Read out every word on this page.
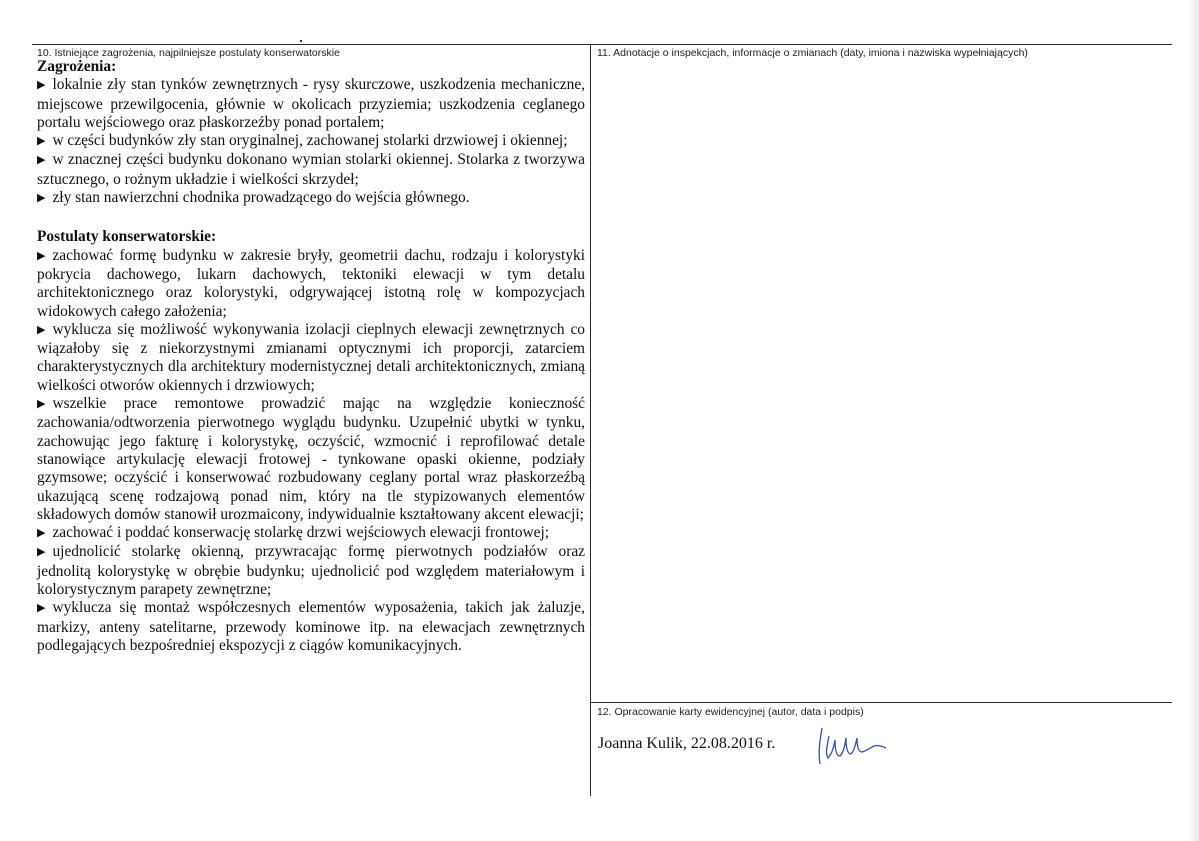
10. Istniejące zagrożenia, najpilniejsze postulaty konserwatorskie	11. Adnotacje o inspekcjach, informacje o zmianach (daty, imiona i nazwiska wypełniających)
12. Opracowanie karty ewidencyjnej (autor, data i podpis)

Zagrożenia:

▶ lokalnie zły stan tynków zewnętrznych - rysy skurczowe, uszkodzenia mechaniczne, miejscowe przewilgocenia, głównie w okolicach przyziemia; uszkodzenia ceglanego portalu wejściowego oraz płaskorzeźby ponad portalem;

▶ w części budynków zły stan oryginalnej, zachowanej stolarki drzwiowej i okiennej;

▶ w znacznej części budynku dokonano wymian stolarki okiennej. Stolarka z tworzywa sztucznego, o rożnym układzie i wielkości skrzydeł;

▶ zły stan nawierzchni chodnika prowadzącego do wejścia głównego.

Postulaty konserwatorskie:

▶ zachować formę budynku w zakresie bryły, geometrii dachu, rodzaju i kolorystyki pokrycia dachowego, lukarn dachowych, tektoniki elewacji w tym detalu architektonicznego oraz kolorystyki, odgrywającej istotną rolę w kompozycjach widokowych całego założenia;

▶ wyklucza się możliwość wykonywania izolacji cieplnych elewacji zewnętrznych co wiązałoby się z niekorzystnymi zmianami optycznymi ich proporcji, zatarciem charakterystycznych dla architektury modernistycznej detali architektonicznych, zmianą wielkości otworów okiennych i drzwiowych;

▶ wszelkie prace remontowe prowadzić mając na względzie konieczność zachowania/odtworzenia pierwotnego wyglądu budynku. Uzupełnić ubytki w tynku, zachowując jego fakturę i kolorystykę, oczyścić, wzmocnić i reprofilować detale stanowiące artykulację elewacji frotowej - tynkowane opaski okienne, podziały gzymsowe; oczyścić i konserwować rozbudowany ceglany portal wraz płaskorzeźbą ukazującą scenę rodzajową ponad nim, który na tle stypizowanych elementów składowych domów stanowił urozmaicony, indywidualnie kształtowany akcent elewacji;

▶ zachować i poddać konserwację stolarkę drzwi wejściowych elewacji frontowej;

▶ ujednolicić stolarkę okienną, przywracając formę pierwotnych podziałów oraz jednolitą kolorystykę w obrębie budynku; ujednolicić pod względem materiałowym i kolorystycznym parapety zewnętrzne;

▶ wyklucza się montaż współczesnych elementów wyposażenia, takich jak żaluzje, markizy, anteny satelitarne, przewody kominowe itp. na elewacjach zewnętrznych podlegających bezpośredniej ekspozycji z ciągów komunikacyjnych.

Joanna Kulik, 22.08.2016 r.
